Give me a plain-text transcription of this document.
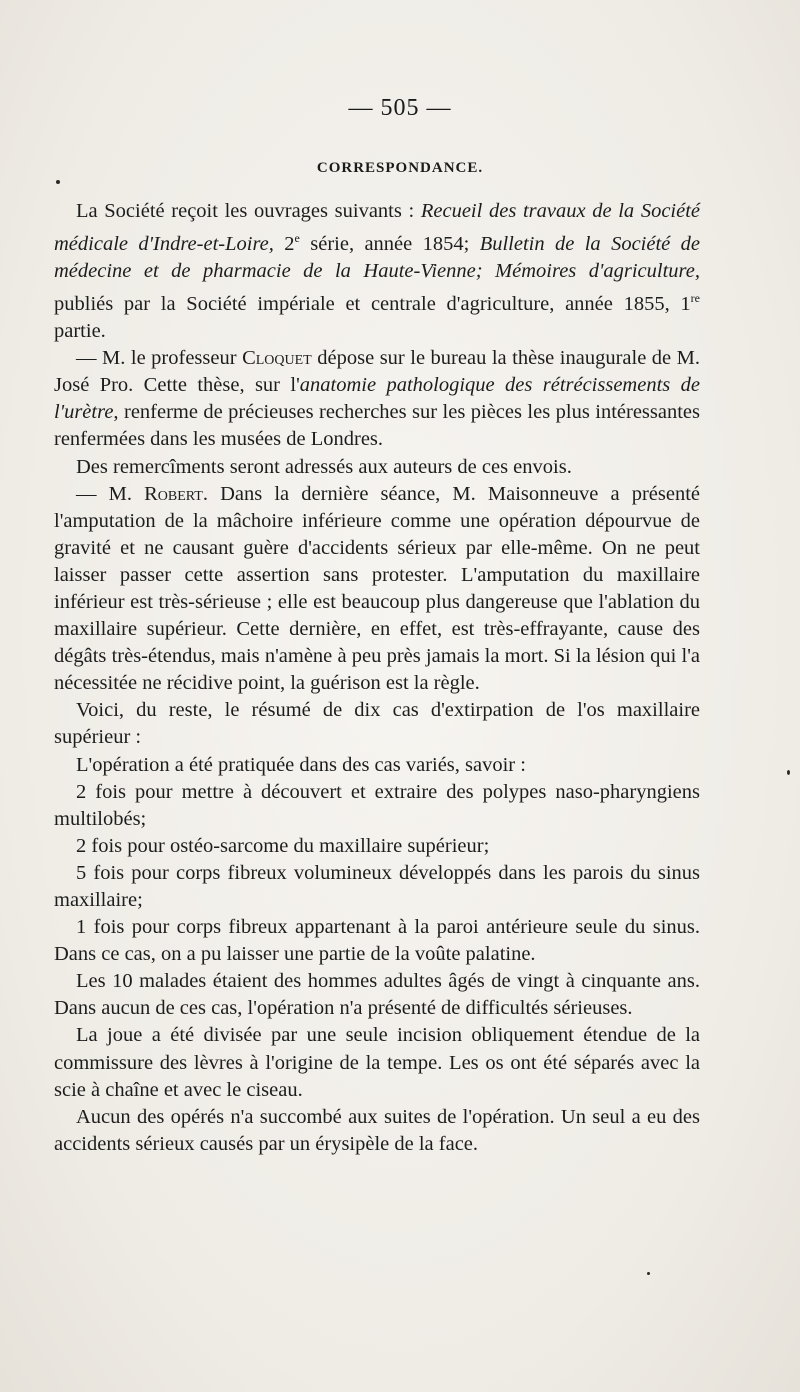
— 505 —
CORRESPONDANCE.

La Société reçoit les ouvrages suivants : Recueil des travaux de la Société médicale d'Indre-et-Loire, 2e série, année 1854; Bulletin de la Société de médecine et de pharmacie de la Haute-Vienne; Mémoires d'agriculture, publiés par la Société impériale et centrale d'agriculture, année 1855, 1re partie.

— M. le professeur Cloquet dépose sur le bureau la thèse inaugurale de M. José Pro. Cette thèse, sur l'anatomie pathologique des rétrécissements de l'urètre, renferme de précieuses recherches sur les pièces les plus intéressantes renfermées dans les musées de Londres.

Des remercîments seront adressés aux auteurs de ces envois.

— M. Robert. Dans la dernière séance, M. Maisonneuve a présenté l'amputation de la mâchoire inférieure comme une opération dépourvue de gravité et ne causant guère d'accidents sérieux par elle-même. On ne peut laisser passer cette assertion sans protester. L'amputation du maxillaire inférieur est très-sérieuse ; elle est beaucoup plus dangereuse que l'ablation du maxillaire supérieur. Cette dernière, en effet, est très-effrayante, cause des dégâts très-étendus, mais n'amène à peu près jamais la mort. Si la lésion qui l'a nécessitée ne récidive point, la guérison est la règle.

Voici, du reste, le résumé de dix cas d'extirpation de l'os maxillaire supérieur :

L'opération a été pratiquée dans des cas variés, savoir :

2 fois pour mettre à découvert et extraire des polypes naso-pharyngiens multilobés;

2 fois pour ostéo-sarcome du maxillaire supérieur;

5 fois pour corps fibreux volumineux développés dans les parois du sinus maxillaire;

1 fois pour corps fibreux appartenant à la paroi antérieure seule du sinus. Dans ce cas, on a pu laisser une partie de la voûte palatine.

Les 10 malades étaient des hommes adultes âgés de vingt à cinquante ans. Dans aucun de ces cas, l'opération n'a présenté de difficultés sérieuses.

La joue a été divisée par une seule incision obliquement étendue de la commissure des lèvres à l'origine de la tempe. Les os ont été séparés avec la scie à chaîne et avec le ciseau.

Aucun des opérés n'a succombé aux suites de l'opération. Un seul a eu des accidents sérieux causés par un érysipèle de la face.
